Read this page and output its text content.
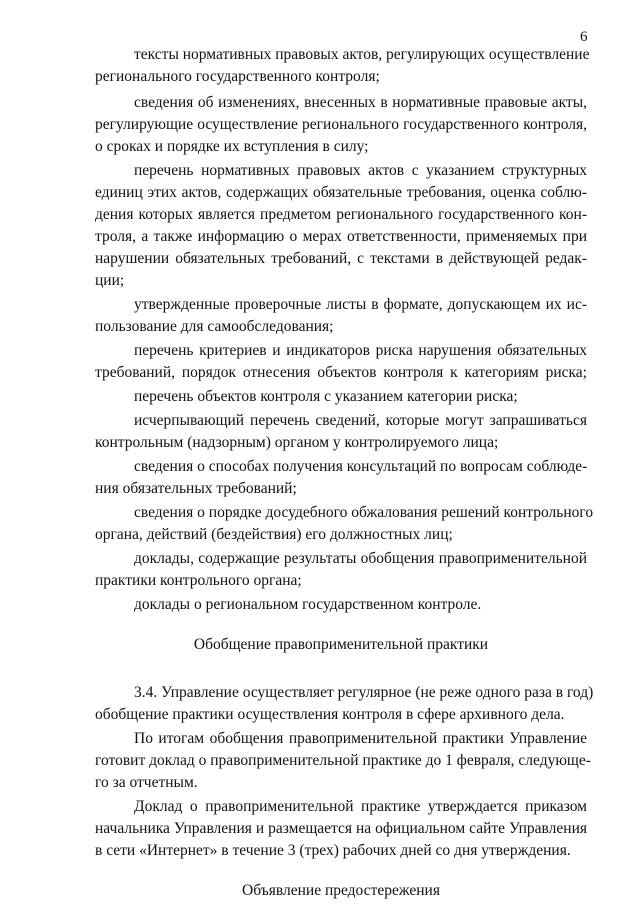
6
тексты нормативных правовых актов, регулирующих осуществление
регионального государственного контроля;
сведения об изменениях, внесенных в нормативные правовые акты,
регулирующие осуществление регионального государственного контроля,
о сроках и порядке их вступления в силу;
перечень нормативных правовых актов с указанием структурных
единиц этих актов, содержащих обязательные требования, оценка соблю-
дения которых является предметом регионального государственного кон-
троля, а также информацию о мерах ответственности, применяемых при
нарушении обязательных требований, с текстами в действующей редак-
ции;
утвержденные проверочные листы в формате, допускающем их ис-
пользование для самообследования;
перечень критериев и индикаторов риска нарушения обязательных
требований, порядок отнесения объектов контроля к категориям риска;
перечень объектов контроля с указанием категории риска;
исчерпывающий перечень сведений, которые могут запрашиваться
контрольным (надзорным) органом у контролируемого лица;
сведения о способах получения консультаций по вопросам соблюде-
ния обязательных требований;
сведения о порядке досудебного обжалования решений контрольного
органа, действий (бездействия) его должностных лиц;
доклады, содержащие результаты обобщения правоприменительной
практики контрольного органа;
доклады о региональном государственном контроле.
Обобщение правоприменительной практики
3.4. Управление осуществляет регулярное (не реже одного раза в год)
обобщение практики осуществления контроля в сфере архивного дела.
По итогам обобщения правоприменительной практики Управление
готовит доклад о правоприменительной практике до 1 февраля, следующе-
го за отчетным.
Доклад о правоприменительной практике утверждается приказом
начальника Управления и размещается на официальном сайте Управления
в сети «Интернет» в течение 3 (трех) рабочих дней со дня утверждения.
Объявление предостережения
